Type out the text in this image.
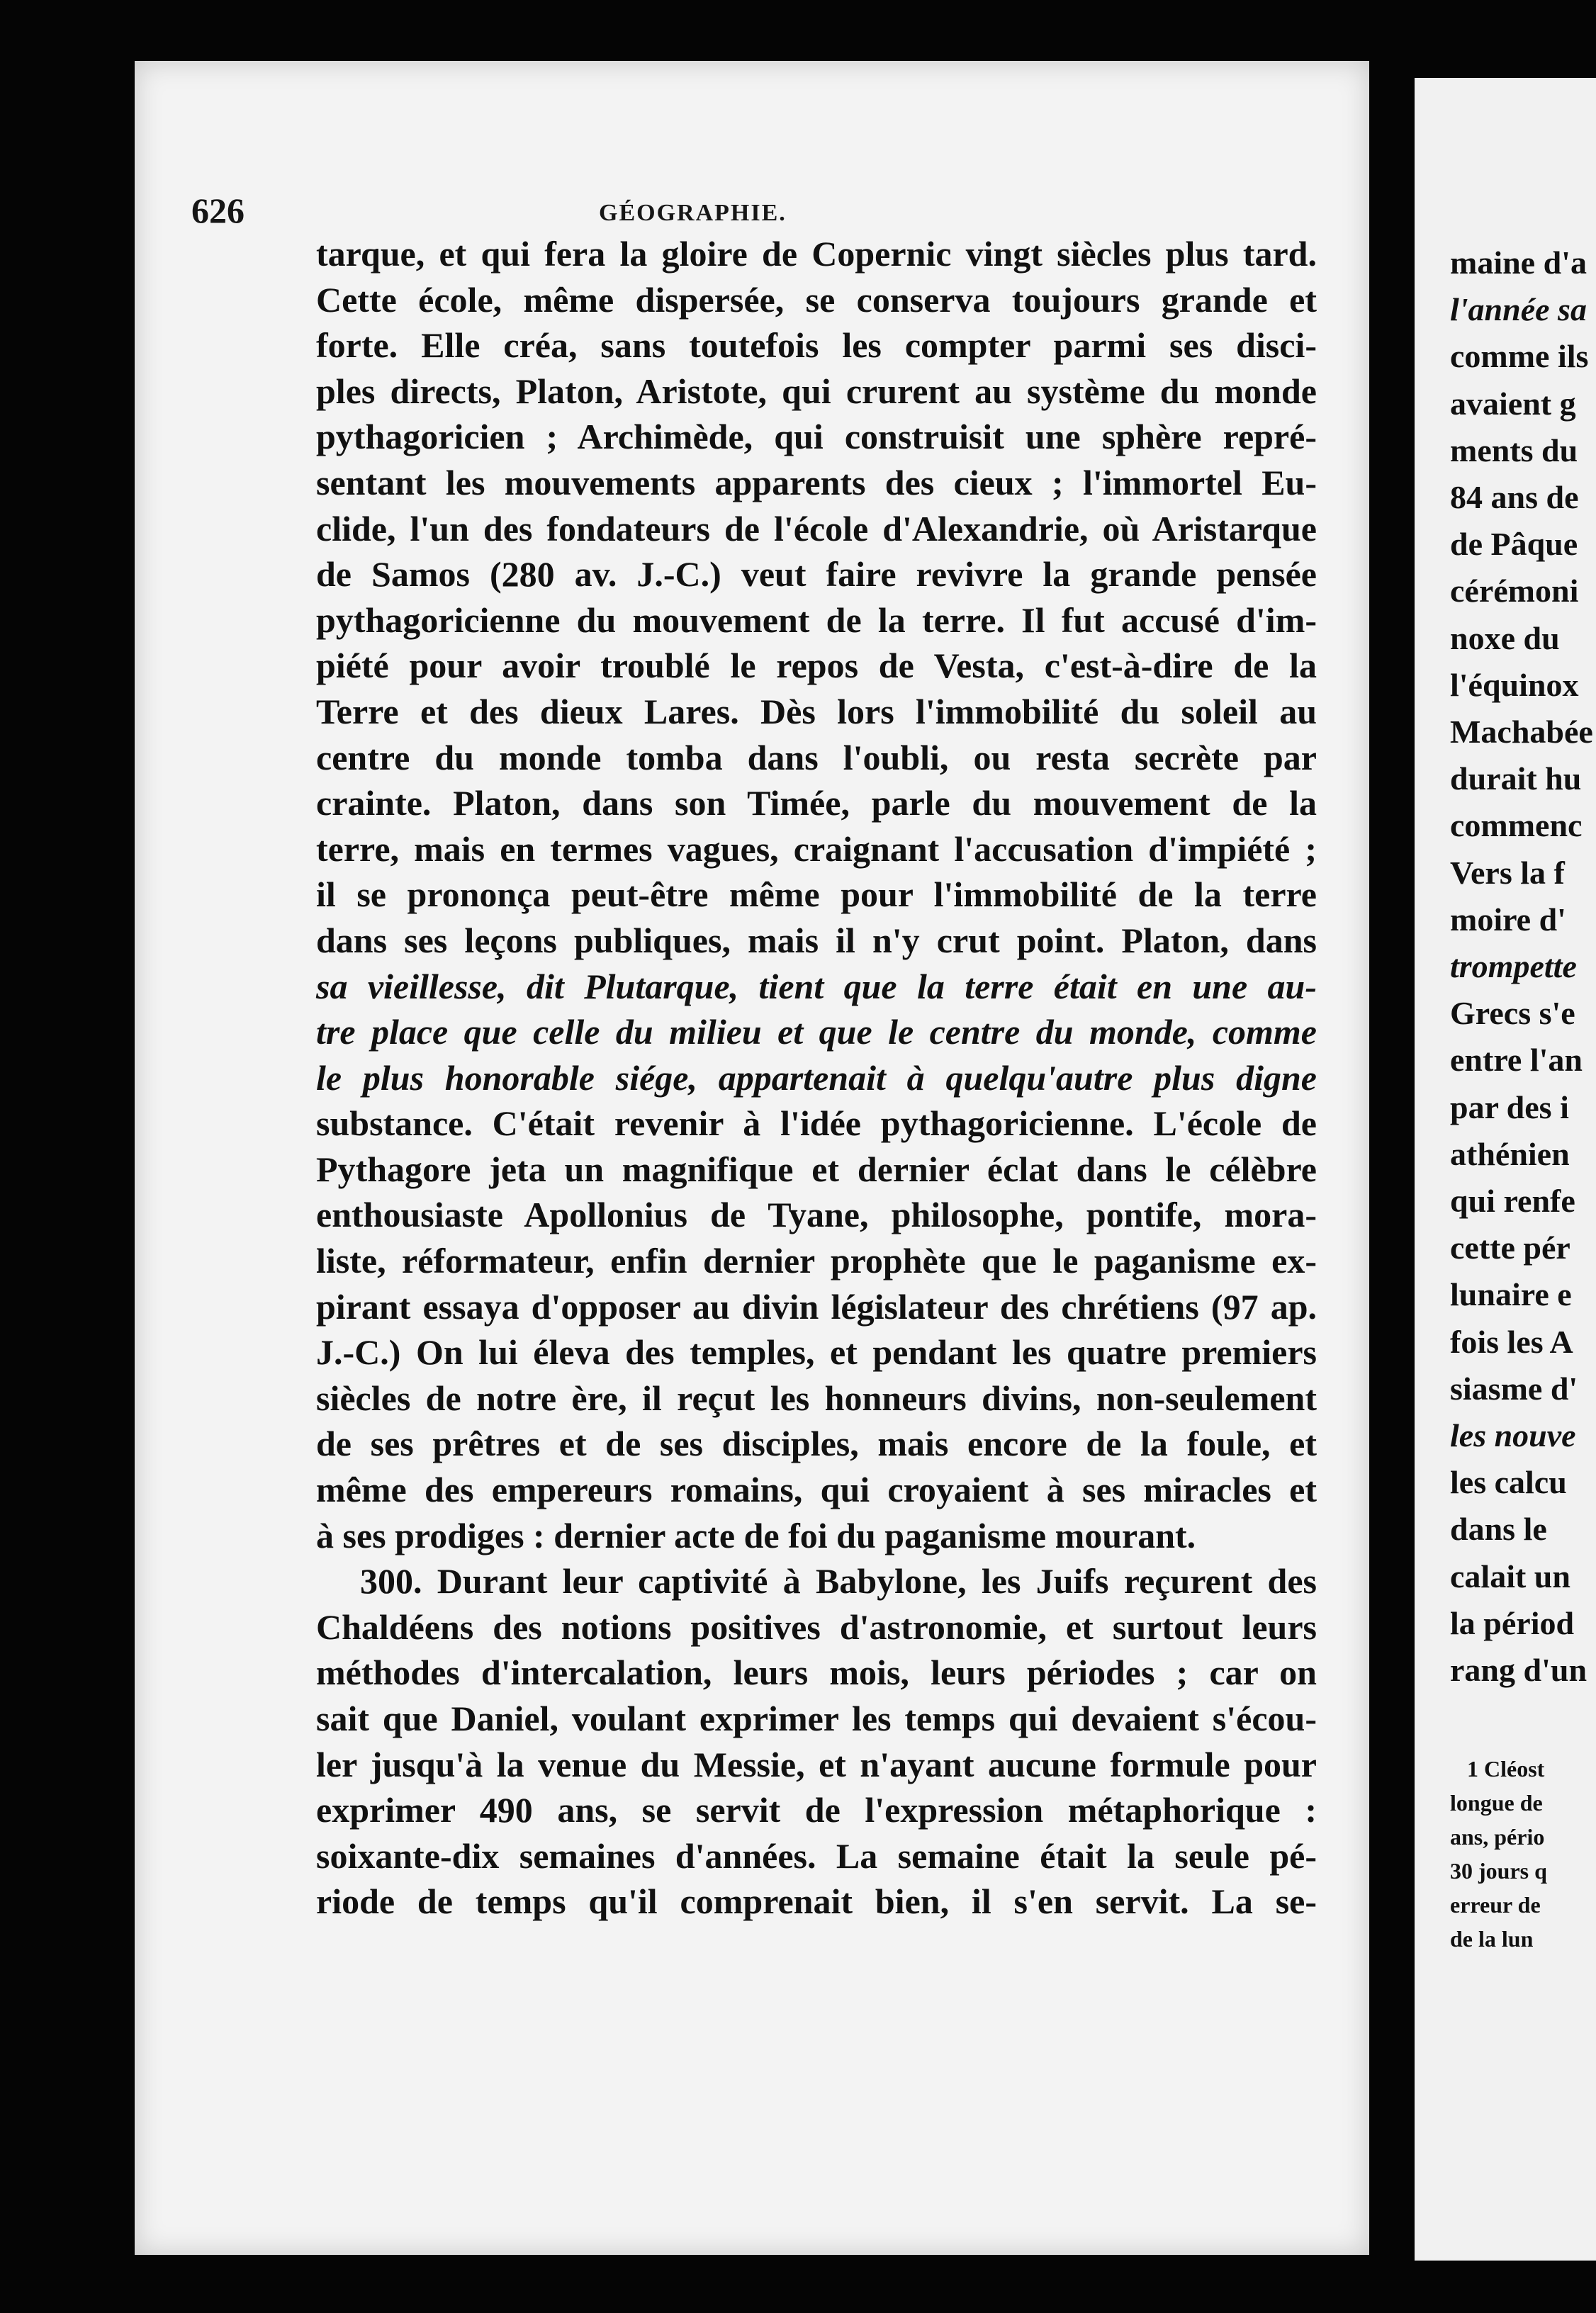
626	GÉOGRAPHIE.
tarque, et qui fera la gloire de Copernic vingt siècles plus tard.
Cette école, même dispersée, se conserva toujours grande et
forte. Elle créa, sans toutefois les compter parmi ses disci-
ples directs, Platon, Aristote, qui crurent au système du monde
pythagoricien ; Archimède, qui construisit une sphère repré-
sentant les mouvements apparents des cieux ; l'immortel Eu-
clide, l'un des fondateurs de l'école d'Alexandrie, où Aristarque
de Samos (280 av. J.-C.) veut faire revivre la grande pensée
pythagoricienne du mouvement de la terre. Il fut accusé d'im-
piété pour avoir troublé le repos de Vesta, c'est-à-dire de la
Terre et des dieux Lares. Dès lors l'immobilité du soleil au
centre du monde tomba dans l'oubli, ou resta secrète par
crainte. Platon, dans son Timée, parle du mouvement de la
terre, mais en termes vagues, craignant l'accusation d'impiété ;
il se prononça peut-être même pour l'immobilité de la terre
dans ses leçons publiques, mais il n'y crut point. Platon, dans
sa vieillesse, dit Plutarque, tient que la terre était en une au-
tre place que celle du milieu et que le centre du monde, comme
le plus honorable siége, appartenait à quelqu'autre plus digne
substance. C'était revenir à l'idée pythagoricienne. L'école de
Pythagore jeta un magnifique et dernier éclat dans le célèbre
enthousiaste Apollonius de Tyane, philosophe, pontife, mora-
liste, réformateur, enfin dernier prophète que le paganisme ex-
pirant essaya d'opposer au divin législateur des chrétiens (97 ap.
J.-C.) On lui éleva des temples, et pendant les quatre premiers
siècles de notre ère, il reçut les honneurs divins, non-seulement
de ses prêtres et de ses disciples, mais encore de la foule, et
même des empereurs romains, qui croyaient à ses miracles et
à ses prodiges : dernier acte de foi du paganisme mourant.
300. Durant leur captivité à Babylone, les Juifs reçurent des
Chaldéens des notions positives d'astronomie, et surtout leurs
méthodes d'intercalation, leurs mois, leurs périodes ; car on
sait que Daniel, voulant exprimer les temps qui devaient s'écou-
ler jusqu'à la venue du Messie, et n'ayant aucune formule pour
exprimer 490 ans, se servit de l'expression métaphorique :
soixante-dix semaines d'années. La semaine était la seule pé-
riode de temps qu'il comprenait bien, il s'en servit. La se-
maine d'a
l'année sa
comme ils
avaient g
ments du
84 ans de
de Pâque
cérémoni
noxe du
l'équinox
Machabée
durait hu
commenc
Vers la f
moire d'
trompette
Grecs s'e
entre l'an
par des i
athénien
qui renfe
cette pér
lunaire e
fois les A
siasme d'
les nouve
les calcu
dans le
calait un
la périod
rang d'un
1 Cléost
longue de
ans, pério
30 jours q
erreur de
de la lun
